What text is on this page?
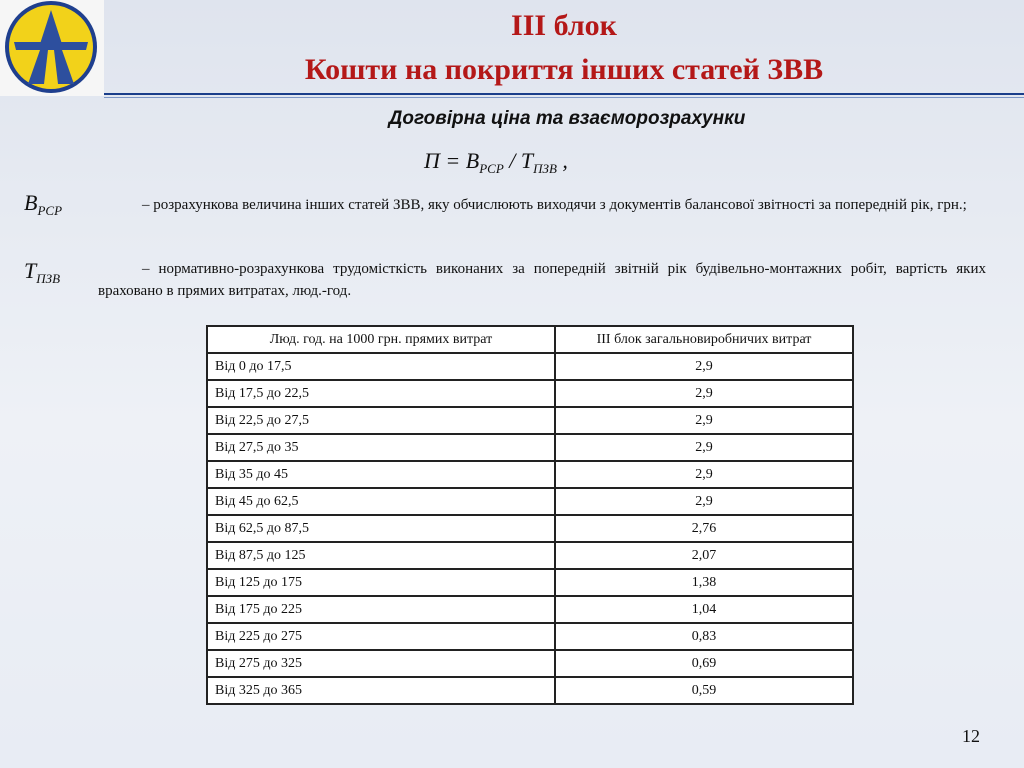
ІІІ блок
Кошти на покриття інших статей ЗВВ
Договірна ціна та взаєморозрахунки
$П = В_{РСР} / Т_{ПЗВ}$ ,
$В_{РСР}$	– розрахункова величина інших статей ЗВВ, яку обчислюють виходячи з документів балансової звітності за попередній рік, грн.;
$Т_{ПЗВ}$
– нормативно-розрахункова трудомісткість виконаних за попередній звітній рік будівельно-монтажних робіт, вартість яких враховано в прямих витратах, люд.-год.
Люд. год. на 1000 грн. прямих витрат	ІІІ блок загальновиробничих витрат
Від 0 до 17,5	2,9
Від 17,5 до 22,5	2,9
Від 22,5 до 27,5	2,9
Від 27,5 до 35	2,9
Від 35 до 45	2,9
Від 45 до 62,5	2,9
Від 62,5 до 87,5	2,76
Від 87,5 до 125	2,07
Від 125 до 175	1,38
Від 175 до 225	1,04
Від 225 до 275	0,83
Від 275 до 325	0,69
Від 325 до 365	0,59
12
